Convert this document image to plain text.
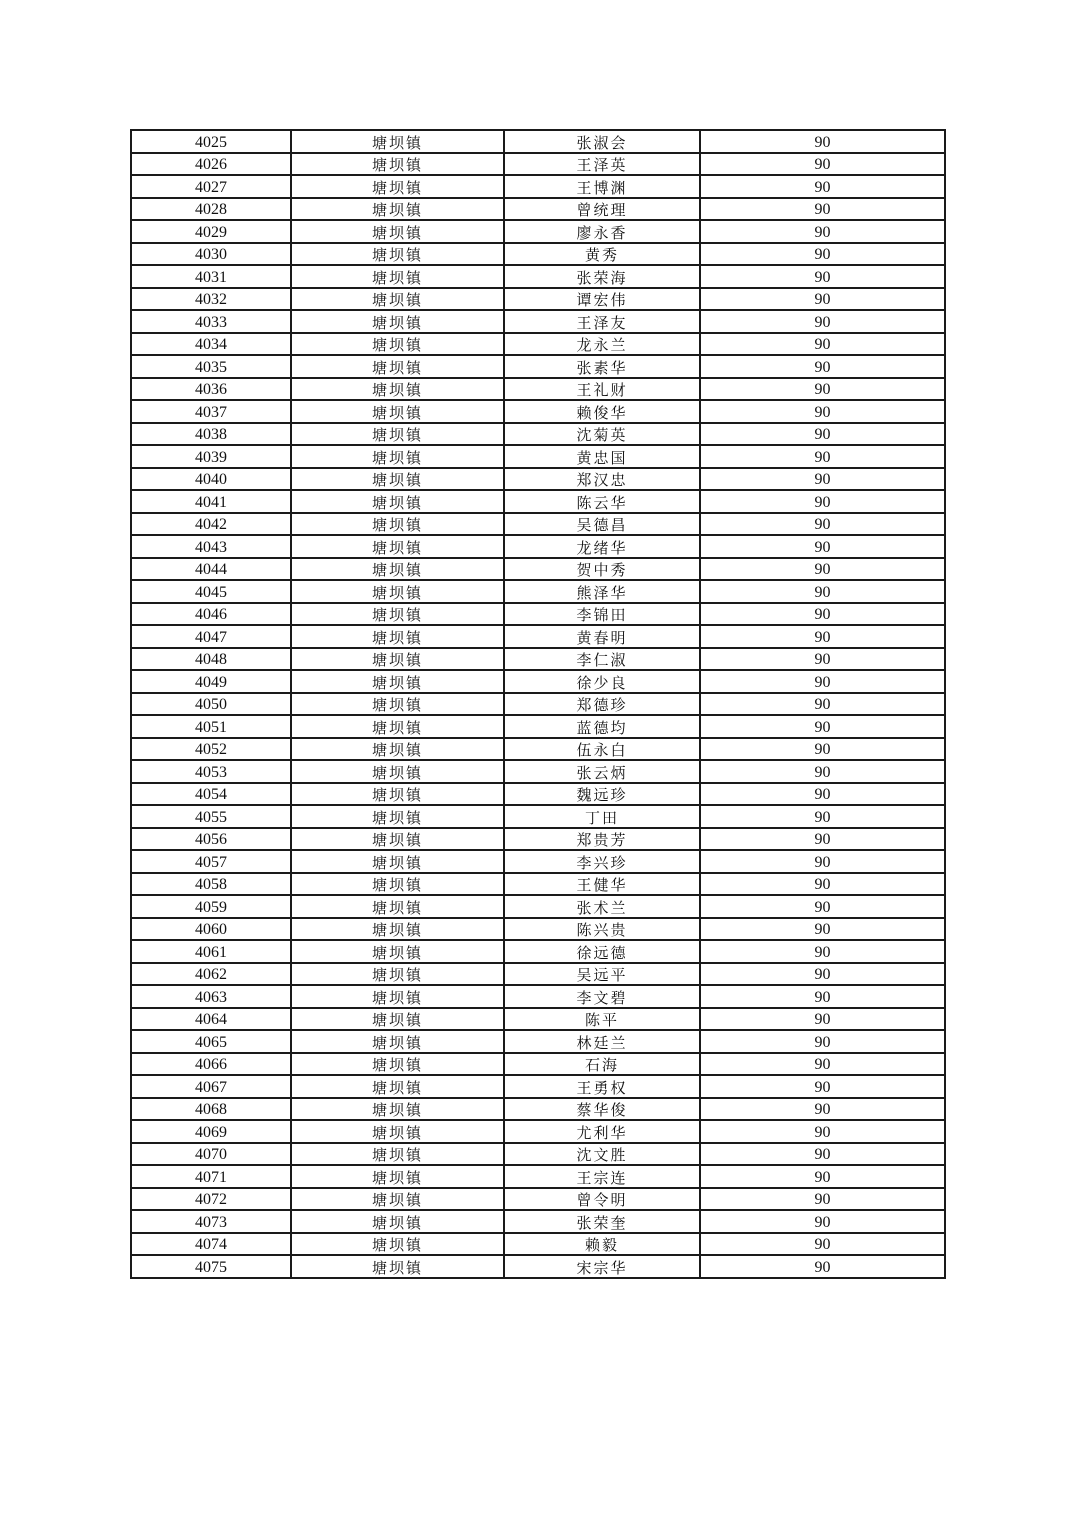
4025	塘坝镇	张淑会	90
4026	塘坝镇	王泽英	90
4027	塘坝镇	王博渊	90
4028	塘坝镇	曾统理	90
4029	塘坝镇	廖永香	90
4030	塘坝镇	黄秀	90
4031	塘坝镇	张荣海	90
4032	塘坝镇	谭宏伟	90
4033	塘坝镇	王泽友	90
4034	塘坝镇	龙永兰	90
4035	塘坝镇	张素华	90
4036	塘坝镇	王礼财	90
4037	塘坝镇	赖俊华	90
4038	塘坝镇	沈菊英	90
4039	塘坝镇	黄忠国	90
4040	塘坝镇	郑汉忠	90
4041	塘坝镇	陈云华	90
4042	塘坝镇	吴德昌	90
4043	塘坝镇	龙绪华	90
4044	塘坝镇	贺中秀	90
4045	塘坝镇	熊泽华	90
4046	塘坝镇	李锦田	90
4047	塘坝镇	黄春明	90
4048	塘坝镇	李仁淑	90
4049	塘坝镇	徐少良	90
4050	塘坝镇	郑德珍	90
4051	塘坝镇	蓝德均	90
4052	塘坝镇	伍永白	90
4053	塘坝镇	张云炳	90
4054	塘坝镇	魏远珍	90
4055	塘坝镇	丁田	90
4056	塘坝镇	郑贵芳	90
4057	塘坝镇	李兴珍	90
4058	塘坝镇	王健华	90
4059	塘坝镇	张术兰	90
4060	塘坝镇	陈兴贵	90
4061	塘坝镇	徐远德	90
4062	塘坝镇	吴远平	90
4063	塘坝镇	李文碧	90
4064	塘坝镇	陈平	90
4065	塘坝镇	林廷兰	90
4066	塘坝镇	石海	90
4067	塘坝镇	王勇权	90
4068	塘坝镇	蔡华俊	90
4069	塘坝镇	尤利华	90
4070	塘坝镇	沈文胜	90
4071	塘坝镇	王宗连	90
4072	塘坝镇	曾令明	90
4073	塘坝镇	张荣奎	90
4074	塘坝镇	赖毅	90
4075	塘坝镇	宋宗华	90
